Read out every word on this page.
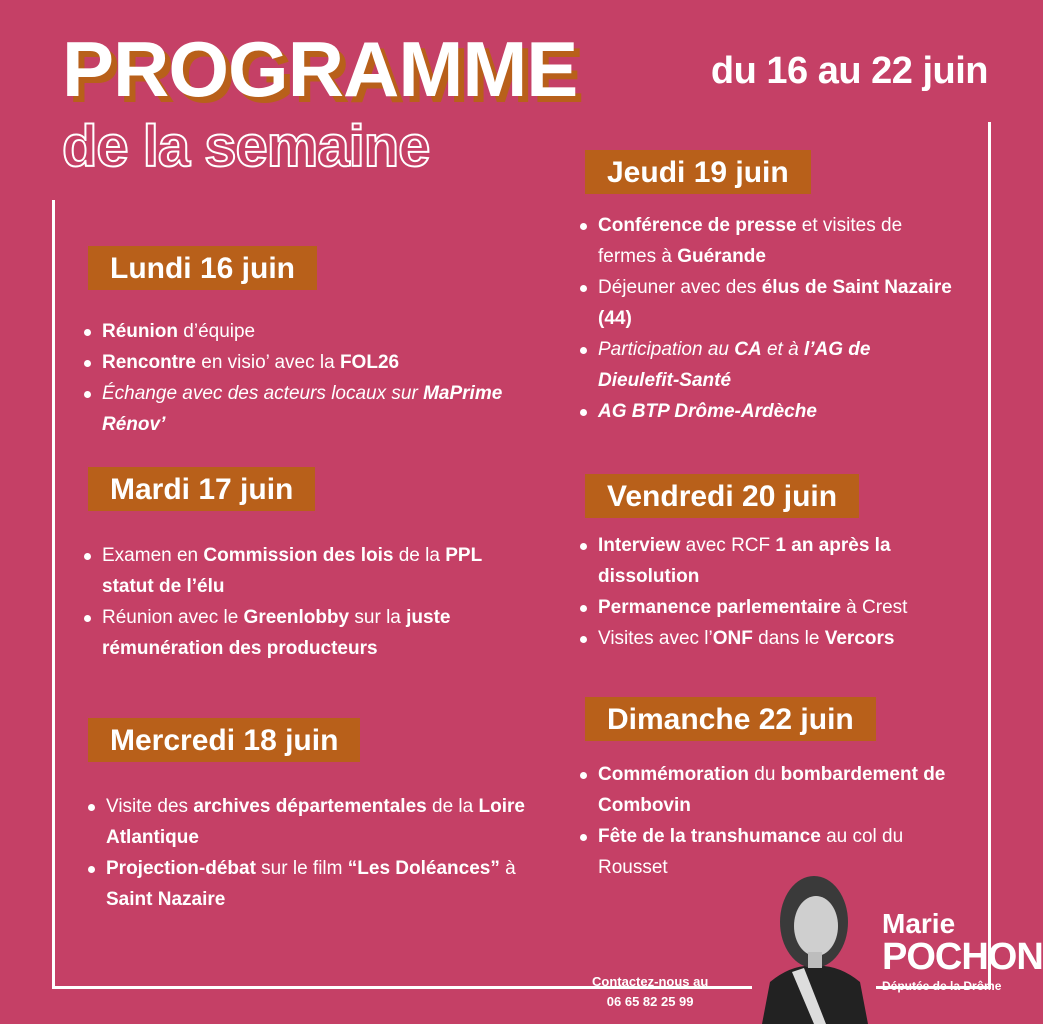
PROGRAMME
de la semaine
du 16 au 22 juin
Lundi 16 juin
Réunion d’équipe
Rencontre en visio’ avec la FOL26
Échange avec des acteurs locaux sur MaPrime Rénov’
Mardi 17 juin
Examen en Commission des lois de la PPL statut de l’élu
Réunion avec le Greenlobby sur la juste rémunération des producteurs
Mercredi 18 juin
Visite des archives départementales de la Loire Atlantique
Projection-débat sur le film “Les Doléances” à Saint Nazaire
Jeudi 19 juin
Conférence de presse et visites de fermes à Guérande
Déjeuner avec des élus de Saint Nazaire (44)
Participation au CA et à l’AG de Dieulefit-Santé
AG BTP Drôme-Ardèche
Vendredi 20 juin
Interview avec RCF 1 an après la dissolution
Permanence parlementaire à Crest
Visites avec l’ONF dans le Vercors
Dimanche 22 juin
Commémoration du bombardement de Combovin
Fête de la transhumance au col du Rousset
Contactez-nous au
06 65 82 25 99
Marie
POCHON
Députée de la Drôme
